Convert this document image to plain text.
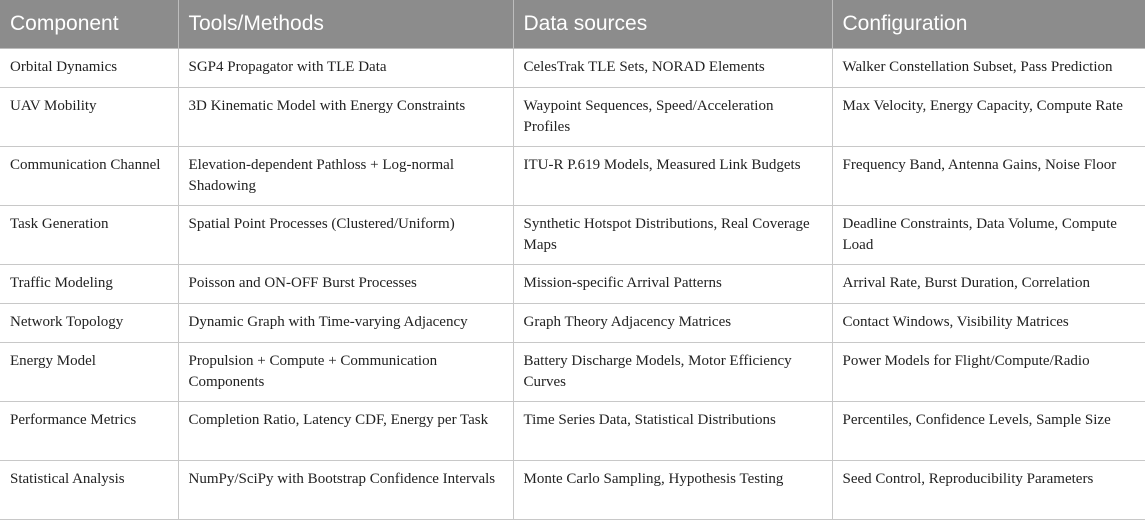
Component	Tools/Methods	Data sources	Configuration
Orbital Dynamics	SGP4 Propagator with TLE Data	CelesTrak TLE Sets, NORAD Elements	Walker Constellation Subset, Pass Prediction
UAV Mobility	3D Kinematic Model with Energy Constraints	Waypoint Sequences, Speed/Acceleration Profiles	Max Velocity, Energy Capacity, Compute Rate
Communication Channel	Elevation-dependent Pathloss + Log-normal Shadowing	ITU-R P.619 Models, Measured Link Budgets	Frequency Band, Antenna Gains, Noise Floor
Task Generation	Spatial Point Processes (Clustered/Uniform)	Synthetic Hotspot Distributions, Real Coverage Maps	Deadline Constraints, Data Volume, Compute Load
Traffic Modeling	Poisson and ON-OFF Burst Processes	Mission-specific Arrival Patterns	Arrival Rate, Burst Duration, Correlation
Network Topology	Dynamic Graph with Time-varying Adjacency	Graph Theory Adjacency Matrices	Contact Windows, Visibility Matrices
Energy Model	Propulsion + Compute + Communication Components	Battery Discharge Models, Motor Efficiency Curves	Power Models for Flight/Compute/Radio
Performance Metrics	Completion Ratio, Latency CDF, Energy per Task	Time Series Data, Statistical Distributions	Percentiles, Confidence Levels, Sample Size
Statistical Analysis	NumPy/SciPy with Bootstrap Confidence Intervals	Monte Carlo Sampling, Hypothesis Testing	Seed Control, Reproducibility Parameters
